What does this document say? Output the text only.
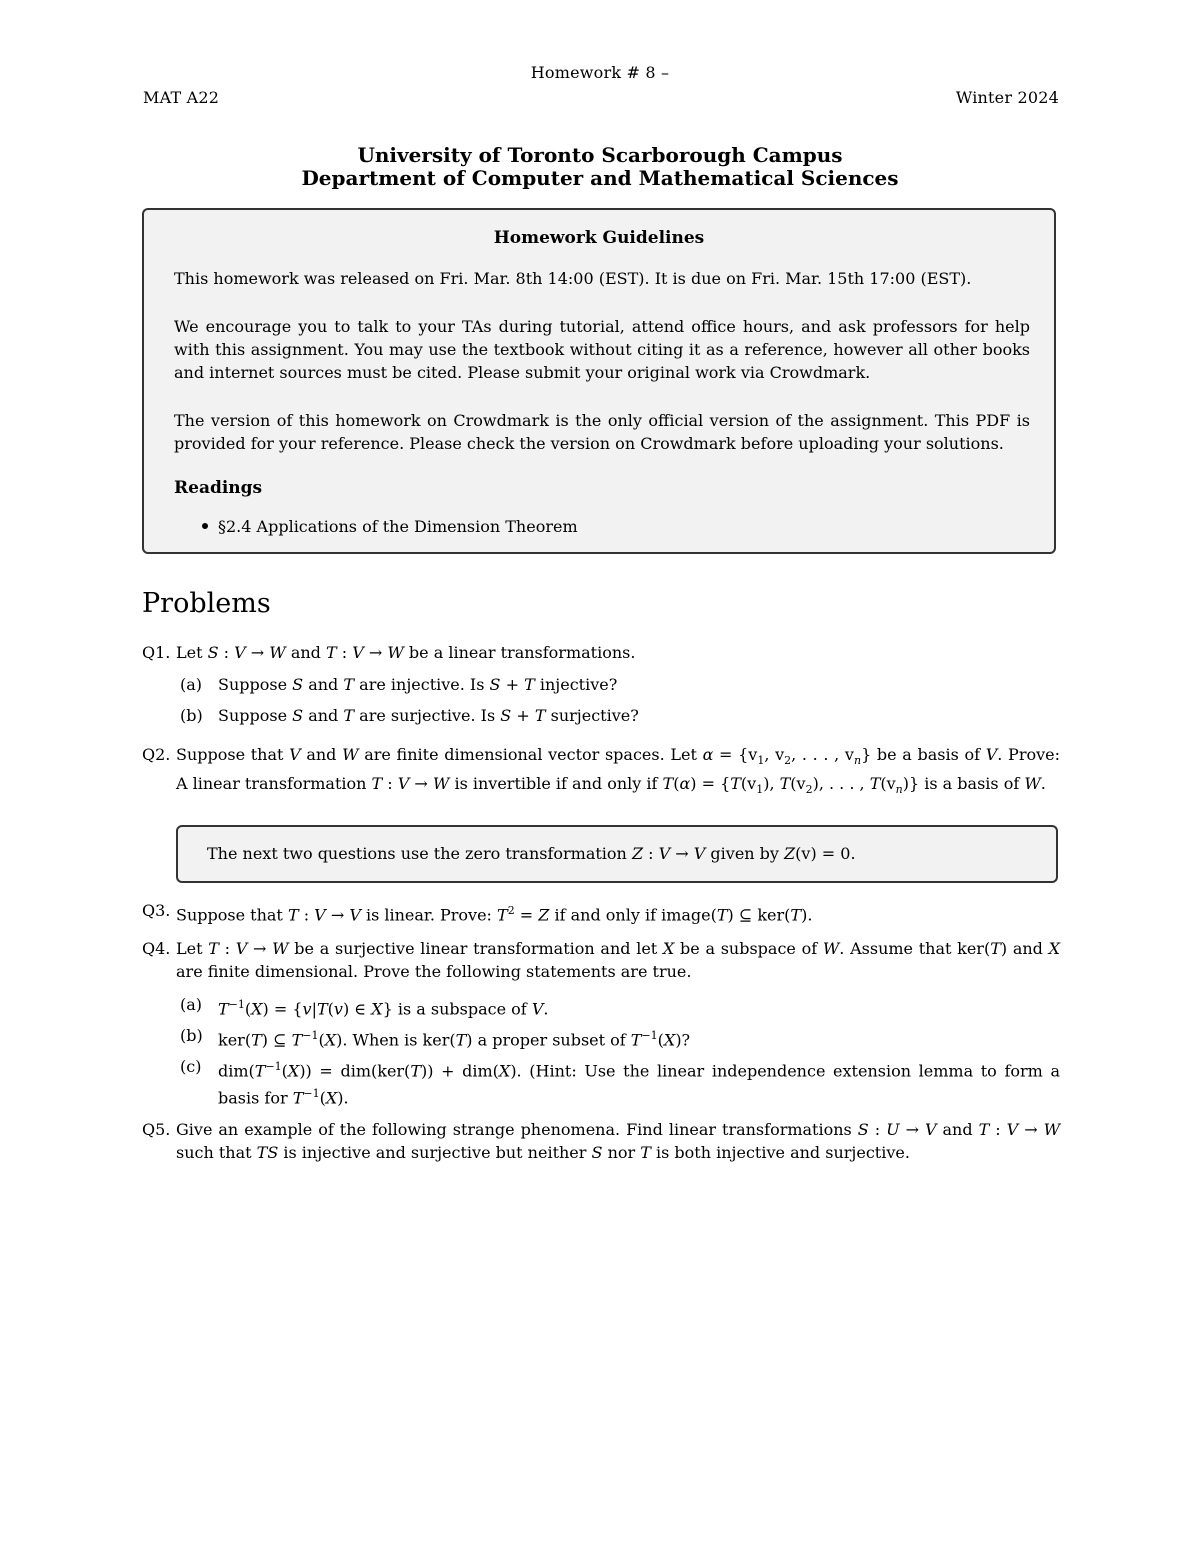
Homework # 8 –
MAT A22	Winter 2024
University of Toronto Scarborough Campus
Department of Computer and Mathematical Sciences
Homework Guidelines

This homework was released on Fri. Mar. 8th 14:00 (EST). It is due on Fri. Mar. 15th 17:00 (EST).

We encourage you to talk to your TAs during tutorial, attend office hours, and ask professors for help with this assignment. You may use the textbook without citing it as a reference, however all other books and internet sources must be cited. Please submit your original work via Crowdmark.

The version of this homework on Crowdmark is the only official version of the assignment. This PDF is provided for your reference. Please check the version on Crowdmark before uploading your solutions.

Readings
§2.4 Applications of the Dimension Theorem
Problems
Q1. Let S : V → W and T : V → W be a linear transformations.
(a) Suppose S and T are injective. Is S + T injective?
(b) Suppose S and T are surjective. Is S + T surjective?
Q2. Suppose that V and W are finite dimensional vector spaces. Let $\alpha = \{v_1$, $v_2$, . . . , $v_n$} be a basis of V. Prove: A linear transformation T : V → W is invertible if and only if $T(\alpha) = \{T(v_1)$, $T(v_2)$, . . . , $T(v_n)$} is a basis of W.
The next two questions use the zero transformation Z : V → V given by Z(v) = 0.
Q3. Suppose that T : V → V is linear. Prove: $T^2 = Z$ if and only if image(T) ⊆ ker(T).
Q4. Let T : V → W be a surjective linear transformation and let X be a subspace of W. Assume that ker(T) and X are finite dimensional. Prove the following statements are true.
(a) $T^{-1}(X) = \{v|T(v)$ ∈ X} is a subspace of V.
(b) ker(T) ⊆ $T^{-1}(X)$. When is ker(T) a proper subset of $T^{-1}(X)$?
(c) $dim(T^{-1}(X)) = dim(ker(T)) + dim(X)$. (Hint: Use the linear independence extension lemma to form a basis for $T^{-1}(X)$.
Q5. Give an example of the following strange phenomena. Find linear transformations S : U → V and T : V → W such that TS is injective and surjective but neither S nor T is both injective and surjective.
